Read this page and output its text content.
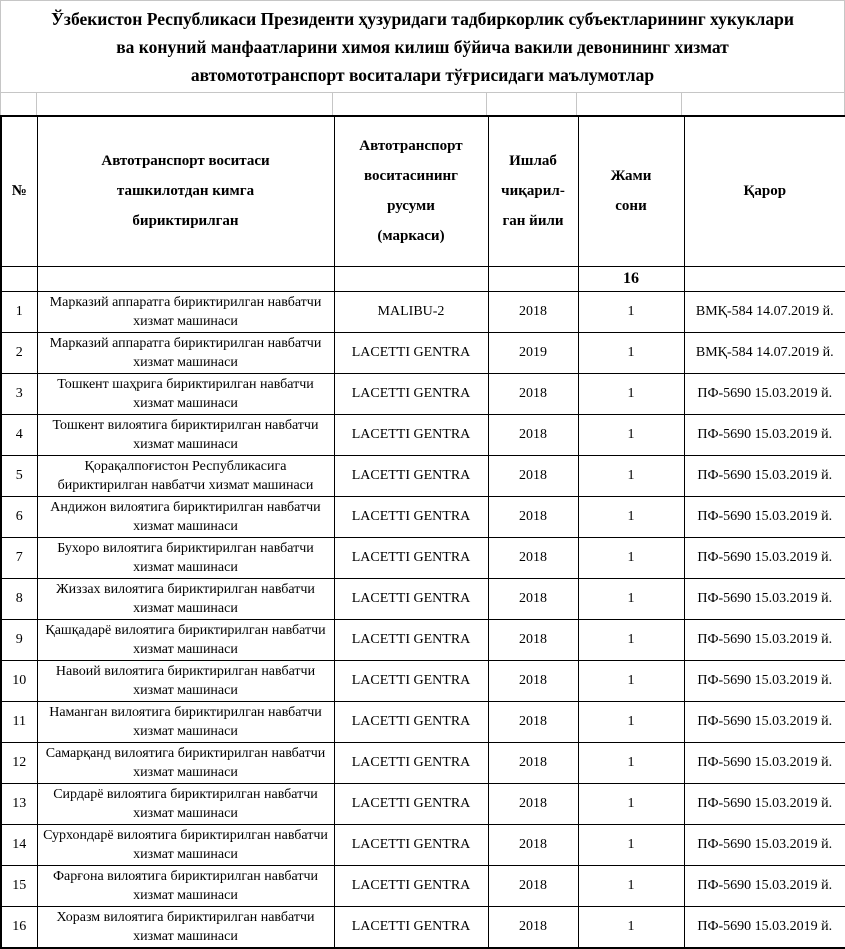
Ўзбекистон Республикаси Президенти ҳузуридаги тадбиркорлик субъектларининг хукуклари
ва конуний манфаатларини химоя килиш бўйича вакили девонининг хизмат
автомототранспорт воситалари тўғрисидаги маълумотлар
№	Автотранспорт воситаси ташкилотдан кимга бириктирилган	Автотранспорт воситасининг русуми (маркаси)	Ишлаб чиқарил-ган йили	Жами сони	Қарор
				16	
1	Марказий аппаратга бириктирилган навбатчи хизмат машинаси	MALIBU-2	2018	1	ВМҚ-584 14.07.2019 й.
2	Марказий аппаратга бириктирилган навбатчи хизмат машинаси	LACETTI GENTRA	2019	1	ВМҚ-584 14.07.2019 й.
3	Тошкент шаҳрига бириктирилган навбатчи хизмат машинаси	LACETTI GENTRA	2018	1	ПФ-5690 15.03.2019 й.
4	Тошкент вилоятига бириктирилган навбатчи хизмат машинаси	LACETTI GENTRA	2018	1	ПФ-5690 15.03.2019 й.
5	Қорақалпоғистон Республикасига бириктирилган навбатчи хизмат машинаси	LACETTI GENTRA	2018	1	ПФ-5690 15.03.2019 й.
6	Андижон вилоятига бириктирилган навбатчи хизмат машинаси	LACETTI GENTRA	2018	1	ПФ-5690 15.03.2019 й.
7	Бухоро вилоятига бириктирилган навбатчи хизмат машинаси	LACETTI GENTRA	2018	1	ПФ-5690 15.03.2019 й.
8	Жиззах вилоятига бириктирилган навбатчи хизмат машинаси	LACETTI GENTRA	2018	1	ПФ-5690 15.03.2019 й.
9	Қашқадарё вилоятига бириктирилган навбатчи хизмат машинаси	LACETTI GENTRA	2018	1	ПФ-5690 15.03.2019 й.
10	Навоий вилоятига бириктирилган навбатчи хизмат машинаси	LACETTI GENTRA	2018	1	ПФ-5690 15.03.2019 й.
11	Наманган вилоятига бириктирилган навбатчи хизмат машинаси	LACETTI GENTRA	2018	1	ПФ-5690 15.03.2019 й.
12	Самарқанд вилоятига бириктирилган навбатчи хизмат машинаси	LACETTI GENTRA	2018	1	ПФ-5690 15.03.2019 й.
13	Сирдарё вилоятига бириктирилган навбатчи хизмат машинаси	LACETTI GENTRA	2018	1	ПФ-5690 15.03.2019 й.
14	Сурхондарё вилоятига бириктирилган навбатчи хизмат машинаси	LACETTI GENTRA	2018	1	ПФ-5690 15.03.2019 й.
15	Фарғона вилоятига бириктирилган навбатчи хизмат машинаси	LACETTI GENTRA	2018	1	ПФ-5690 15.03.2019 й.
16	Хоразм вилоятига бириктирилган навбатчи хизмат машинаси	LACETTI GENTRA	2018	1	ПФ-5690 15.03.2019 й.
